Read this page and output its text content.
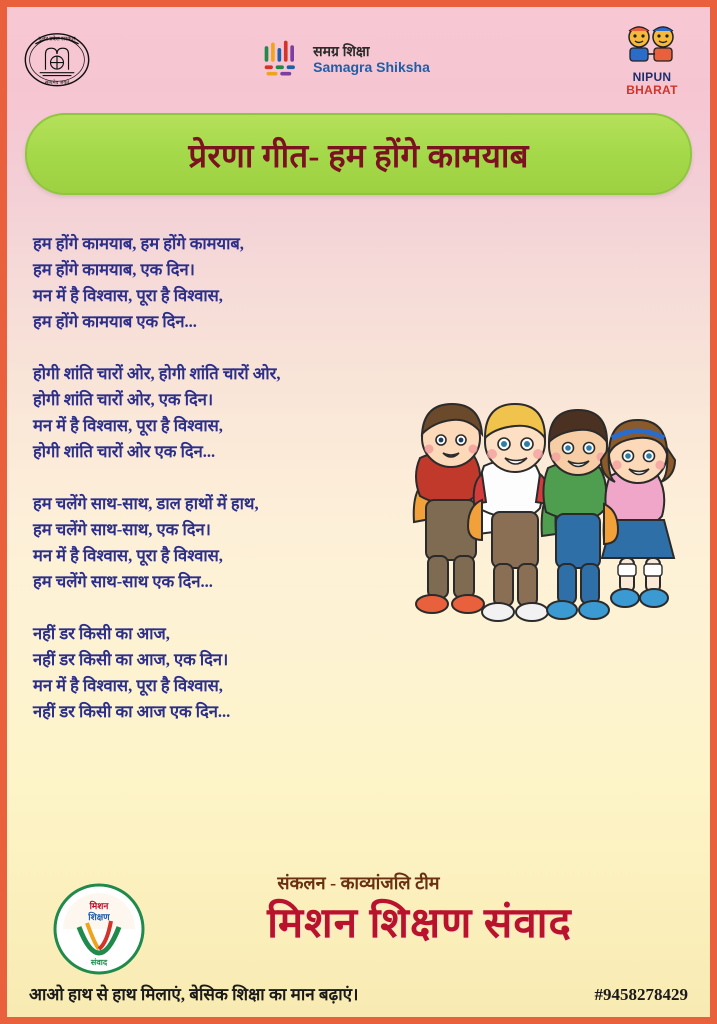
उत्तर प्रदेश सरकार
सत्यमेव जयते
समग्र शिक्षा
Samagra Shiksha
NIPUN
BHARAT
प्रेरणा गीत- हम होंगे कामयाब
हम होंगे कामयाब, हम होंगे कामयाब,
हम होंगे कामयाब, एक दिन।
मन में है विश्वास, पूरा है विश्वास,
हम होंगे कामयाब एक दिन...
होगी शांति चारों ओर, होगी शांति चारों ओर,
होगी शांति चारों ओर, एक दिन।
मन में है विश्वास, पूरा है विश्वास,
होगी शांति चारों ओर एक दिन...
हम चलेंगे साथ-साथ, डाल हाथों में हाथ,
हम चलेंगे साथ-साथ, एक दिन।
मन में है विश्वास, पूरा है विश्वास,
हम चलेंगे साथ-साथ एक दिन...
नहीं डर किसी का आज,
नहीं डर किसी का आज, एक दिन।
मन में है विश्वास, पूरा है विश्वास,
नहीं डर किसी का आज एक दिन...
संकलन - काव्यांजलि टीम
मिशन
शिक्षण
संवाद
मिशन शिक्षण संवाद
आओ हाथ से हाथ मिलाएं, बेसिक शिक्षा का मान बढ़ाएं।	#9458278429
